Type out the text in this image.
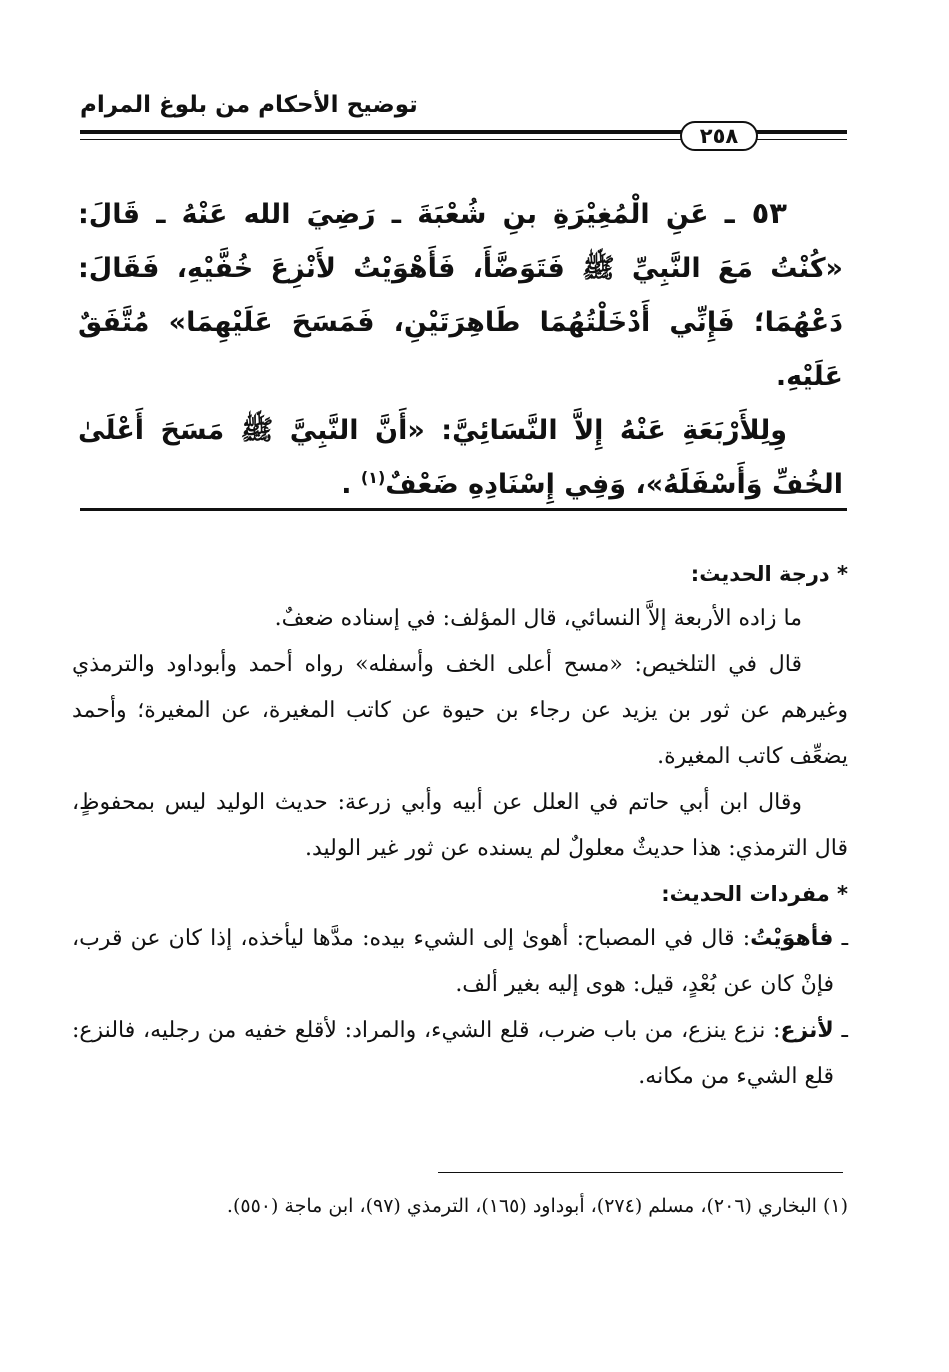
توضيح الأحكام من بلوغ المرام
٢٥٨

٥٣ ـ عَنِ الْمُغِيْرَةِ بنِ شُعْبَةَ ـ رَضِيَ الله عَنْهُ ـ قَالَ: «كُنْتُ مَعَ النَّبِيِّ ﷺ فَتَوَضَّأَ، فَأَهْوَيْتُ لأَنْزِعَ خُفَّيْهِ، فَقَالَ: دَعْهُمَا؛ فَإِنِّي أَدْخَلْتُهُمَا طَاهِرَتَيْنِ، فَمَسَحَ عَلَيْهِمَا» مُتَّفَقٌ عَلَيْهِ.

وِلِلأَرْبَعَةِ عَنْهُ إِلاَّ النَّسَائِيَّ: «أَنَّ النَّبِيَّ ﷺ مَسَحَ أَعْلَىٰ الخُفِّ وَأَسْفَلَهُ»، وَفِي إِسْنَادِهِ ضَعْفٌ$^{(١)}$ .

* درجة الحديث:

ما زاده الأربعة إلاَّ النسائي، قال المؤلف: في إسناده ضعفٌ.

قال في التلخيص: «مسح أعلى الخف وأسفله» رواه أحمد وأبوداود والترمذي وغيرهم عن ثور بن يزيد عن رجاء بن حيوة عن كاتب المغيرة، عن المغيرة؛ وأحمد يضعِّف كاتب المغيرة.

وقال ابن أبي حاتم في العلل عن أبيه وأبي زرعة: حديث الوليد ليس بمحفوظٍ، قال الترمذي: هذا حديثٌ معلولٌ لم يسنده عن ثور غير الوليد.

* مفردات الحديث:

ـ فأهوَيْتُ: قال في المصباح: أهوىٰ إلى الشيء بيده: مدَّها ليأخذه، إذا كان عن قرب، فإنْ كان عن بُعْدٍ، قيل: هوى إليه بغير ألف.

ـ لأنزع: نزع ينزع، من باب ضرب، قلع الشيء، والمراد: لأقلع خفيه من رجليه، فالنزع: قلع الشيء من مكانه.

(١) البخاري (٢٠٦)، مسلم (٢٧٤)، أبوداود (١٦٥)، الترمذي (٩٧)، ابن ماجة (٥٥٠).
